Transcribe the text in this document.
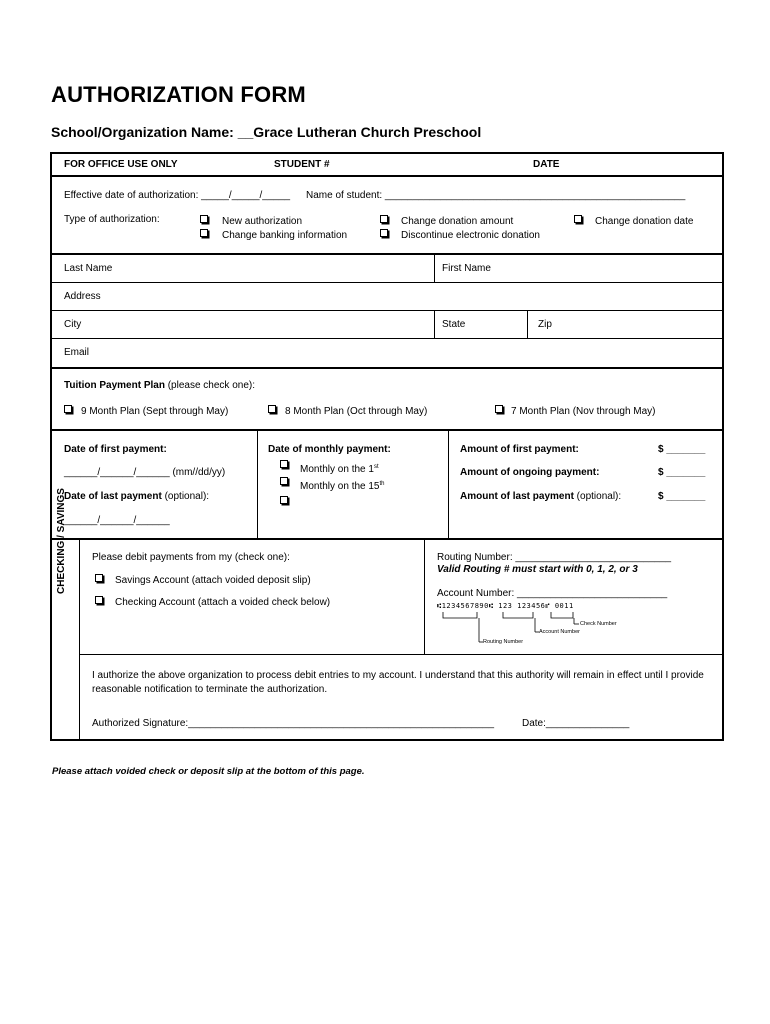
AUTHORIZATION FORM
School/Organization Name: __Grace Lutheran Church Preschool
FOR OFFICE USE ONLY	STUDENT #	DATE
Effective date of authorization: _____/_____/_____ Name of student: ______________________________________________________
Type of authorization:	New authorization
Change banking information
Change donation amount
Discontinue electronic donation
Change donation date
Last Name	First Name
Address
City	State	Zip
Email
Tuition Payment Plan (please check one):
9 Month Plan (Sept through May)	8 Month Plan (Oct through May)	7 Month Plan (Nov through May)
Date of first payment:
______/______/______ (mm//dd/yy)
Date of last payment (optional):
______/______/______
Date of monthly payment:
Monthly on the 1st
Monthly on the 15th
Amount of first payment:	$ _______
Amount of ongoing payment:	$ _______
Amount of last payment (optional):	$ _______
CHECKING / SAVINGS	Please debit payments from my (check one):
Savings Account (attach voided deposit slip)
Checking Account (attach a voided check below)
Routing Number: ____________________________
Valid Routing # must start with 0, 1, 2, or 3
Account Number: ___________________________
⑆1234567890⑆ 123 123456⑈ 0011
Check Number
Account Number
Routing Number
I authorize the above organization to process debit entries to my account. I understand that this authority will remain in effect until I provide
reasonable notification to terminate the authorization.
Authorized Signature:_______________________________________________________	Date:_______________
Please attach voided check or deposit slip at the bottom of this page.
